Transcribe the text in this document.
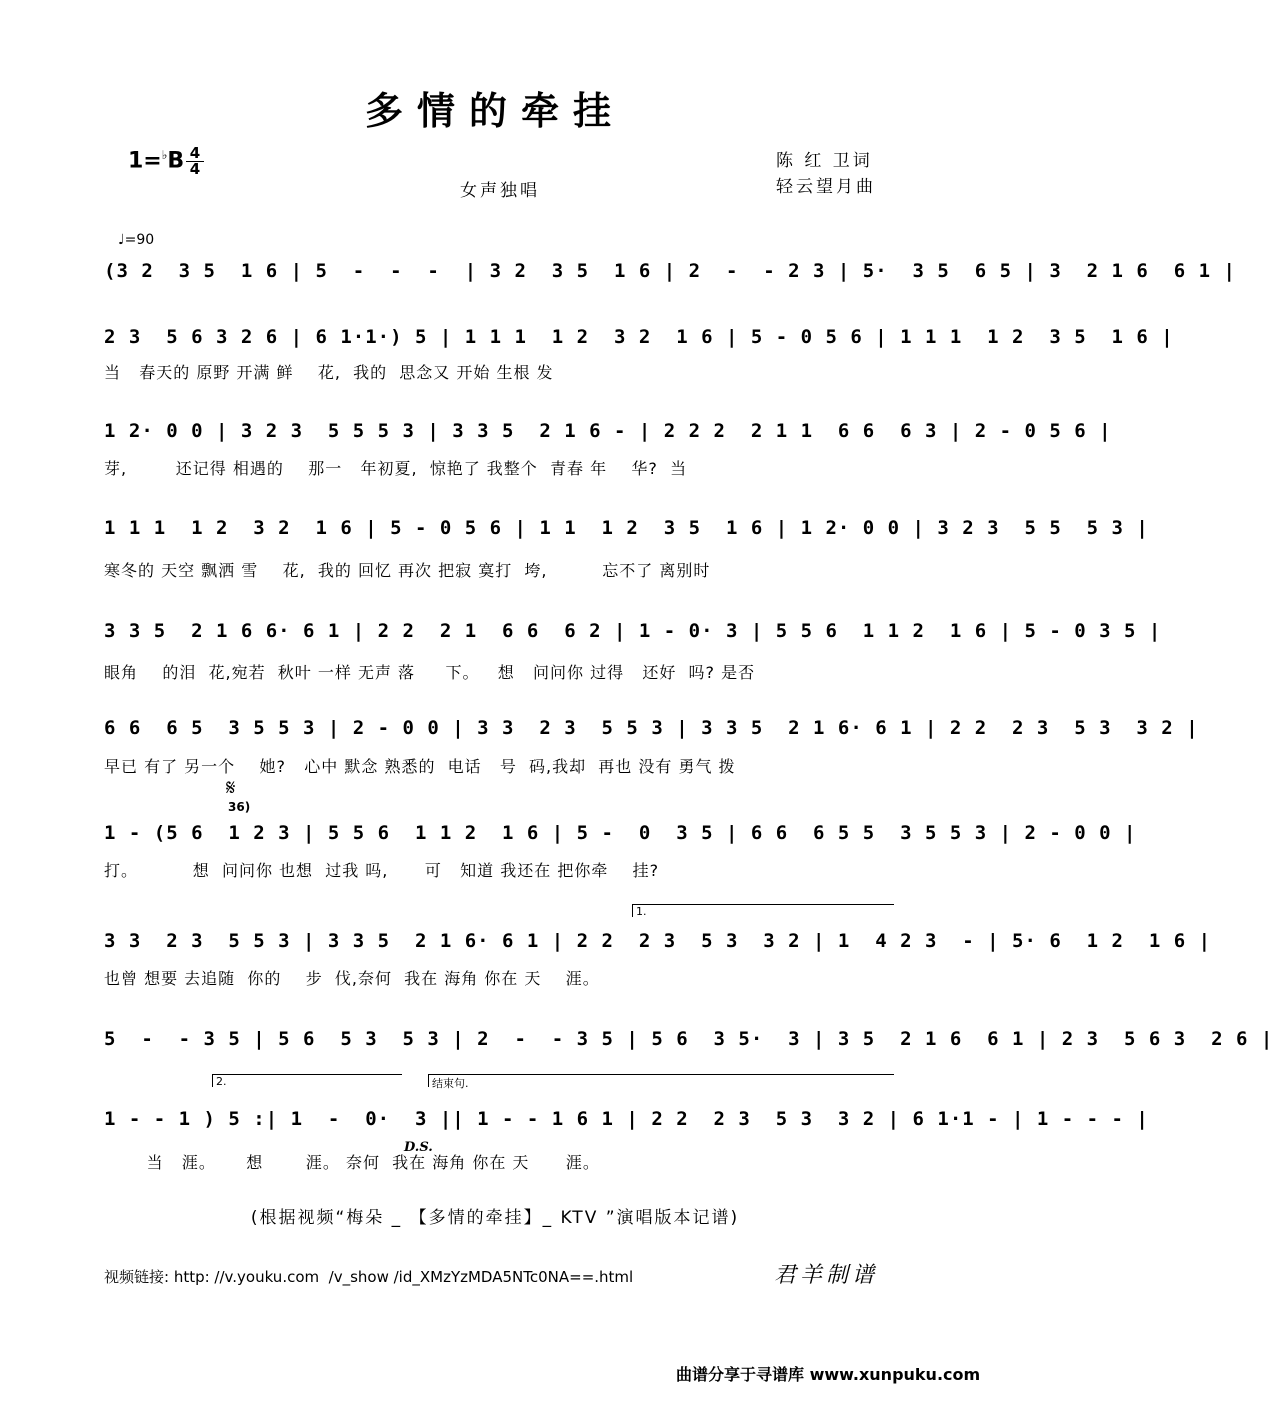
多情的牵挂
1=♭B 4
4
女声独唱
陈 红 卫词
轻云望月曲
♩=90
(3 2  3 5  1 6 | 5  -  -  -  | 3 2  3 5  1 6 | 2  -  - 2 3 | 5·  3 5  6 5 | 3  2 1 6  6 1 |
2 3  5 6 3 2 6 | 6 1·1·) 5 | 1 1 1  1 2  3 2  1 6 | 5 - 0 5 6 | 1 1 1  1 2  3 5  1 6 |
当   春天的 原野 开满 鲜    花,  我的  思念又 开始 生根 发
1 2· 0 0 | 3 2 3  5 5 5 3 | 3 3 5  2 1 6 - | 2 2 2  2 1 1  6 6  6 3 | 2 - 0 5 6 |
芽,        还记得 相遇的    那一   年初夏,  惊艳了 我整个  青春 年    华?  当
1 1 1  1 2  3 2  1 6 | 5 - 0 5 6 | 1 1  1 2  3 5  1 6 | 1 2· 0 0 | 3 2 3  5 5  5 3 |
寒冬的 天空 飘洒 雪    花,  我的 回忆 再次 把寂 寞打  垮,         忘不了 离别时
3 3 5  2 1 6 6· 6 1 | 2 2  2 1  6 6  6 2 | 1 - 0· 3 | 5 5 6  1 1 2  1 6 | 5 - 0 3 5 |
眼角    的泪  花,宛若  秋叶 一样 无声 落     下。   想   问问你 过得   还好  吗? 是否
6 6  6 5  3 5 5 3 | 2 - 0 0 | 3 3  2 3  5 5 3 | 3 3 5  2 1 6· 6 1 | 2 2  2 3  5 3  3 2 |
早已 有了 另一个    她?   心中 默念 熟悉的  电话   号  码,我却  再也 没有 勇气 拨
𝄋
36)
1 - (5 6  1 2 3 | 5 5 6  1 1 2  1 6 | 5 -  0  3 5 | 6 6  6 5 5  3 5 5 3 | 2 - 0 0 |
打。         想  问问你 也想  过我 吗,      可   知道 我还在 把你牵    挂?
1.
3 3  2 3  5 5 3 | 3 3 5  2 1 6· 6 1 | 2 2  2 3  5 3  3 2 | 1  4 2 3  - | 5· 6  1 2  1 6 |
也曾 想要 去追随  你的    步  伐,奈何  我在 海角 你在 天    涯。
5  -  - 3 5 | 5 6  5 3  5 3 | 2  -  - 3 5 | 5 6  3 5·  3 | 3 5  2 1 6  6 1 | 2 3  5 6 3  2 6 |
2.	结束句.
1 - - 1 ) 5 :| 1  -  0·  3 || 1 - - 1 6 1 | 2 2  2 3  5 3  3 2 | 6 1·1 - | 1 - - - |
D.S.
当   涯。     想       涯。 奈何  我在 海角 你在 天      涯。
(根据视频“梅朵 _ 【多情的牵挂】_ KTV ”演唱版本记谱)
视频链接: http: //v.youku.com  /v_show /id_XMzYzMDA5NTc0NA==.html	君羊制谱
曲谱分享于寻谱库 www.xunpuku.com
